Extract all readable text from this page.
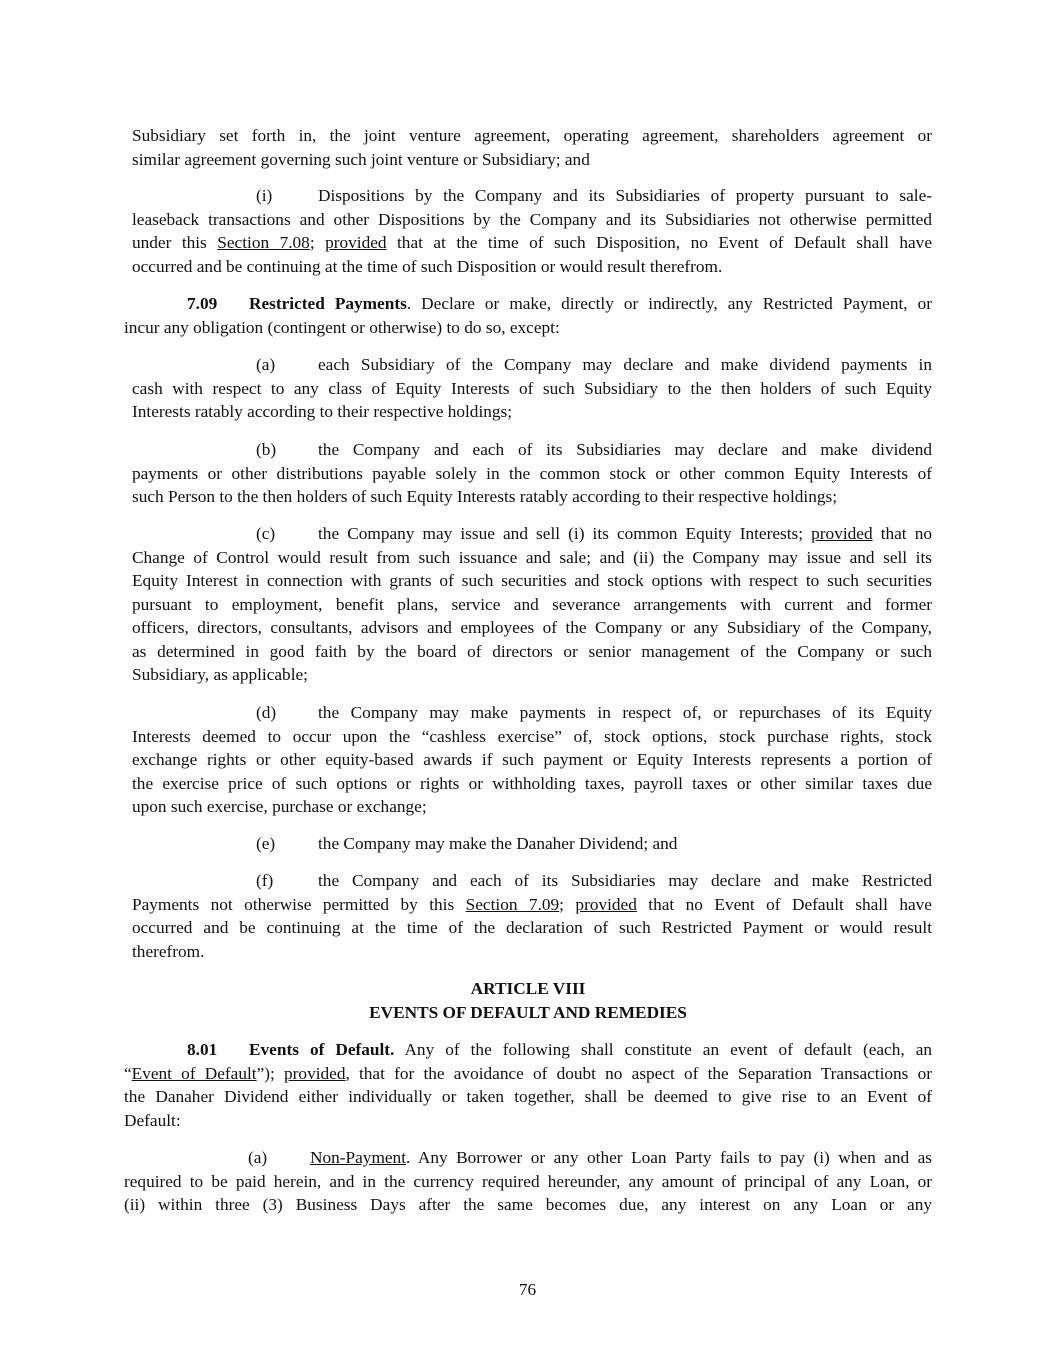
Subsidiary set forth in, the joint venture agreement, operating agreement, shareholders agreement or
similar agreement governing such joint venture or Subsidiary; and
(i)	Dispositions by the Company and its Subsidiaries of property pursuant to sale-
leaseback transactions and other Dispositions by the Company and its Subsidiaries not otherwise permitted
under this Section 7.08; provided that at the time of such Disposition, no Event of Default shall have
occurred and be continuing at the time of such Disposition or would result therefrom.
7.09 Restricted Payments. Declare or make, directly or indirectly, any Restricted Payment, or
incur any obligation (contingent or otherwise) to do so, except:
(a) each Subsidiary of the Company may declare and make dividend payments in
cash with respect to any class of Equity Interests of such Subsidiary to the then holders of such Equity
Interests ratably according to their respective holdings;
(b) the Company and each of its Subsidiaries may declare and make dividend
payments or other distributions payable solely in the common stock or other common Equity Interests of
such Person to the then holders of such Equity Interests ratably according to their respective holdings;
(c) the Company may issue and sell (i) its common Equity Interests; provided that no
Change of Control would result from such issuance and sale; and (ii) the Company may issue and sell its
Equity Interest in connection with grants of such securities and stock options with respect to such securities
pursuant to employment, benefit plans, service and severance arrangements with current and former
officers, directors, consultants, advisors and employees of the Company or any Subsidiary of the Company,
as determined in good faith by the board of directors or senior management of the Company or such
Subsidiary, as applicable;
(d) the Company may make payments in respect of, or repurchases of its Equity
Interests deemed to occur upon the “cashless exercise” of, stock options, stock purchase rights, stock
exchange rights or other equity-based awards if such payment or Equity Interests represents a portion of
the exercise price of such options or rights or withholding taxes, payroll taxes or other similar taxes due
upon such exercise, purchase or exchange;
(e) the Company may make the Danaher Dividend; and
(f)	the Company and each of its Subsidiaries may declare and make Restricted
Payments not otherwise permitted by this Section 7.09; provided that no Event of Default shall have
occurred and be continuing at the time of the declaration of such Restricted Payment or would result
therefrom.
ARTICLE VIII
EVENTS OF DEFAULT AND REMEDIES
8.01 Events of Default. Any of the following shall constitute an event of default (each, an
“Event of Default”); provided, that for the avoidance of doubt no aspect of the Separation Transactions or
the Danaher Dividend either individually or taken together, shall be deemed to give rise to an Event of
Default:
(a) Non-Payment. Any Borrower or any other Loan Party fails to pay (i) when and as
required to be paid herein, and in the currency required hereunder, any amount of principal of any Loan, or
(ii) within three (3) Business Days after the same becomes due, any interest on any Loan or any
76
